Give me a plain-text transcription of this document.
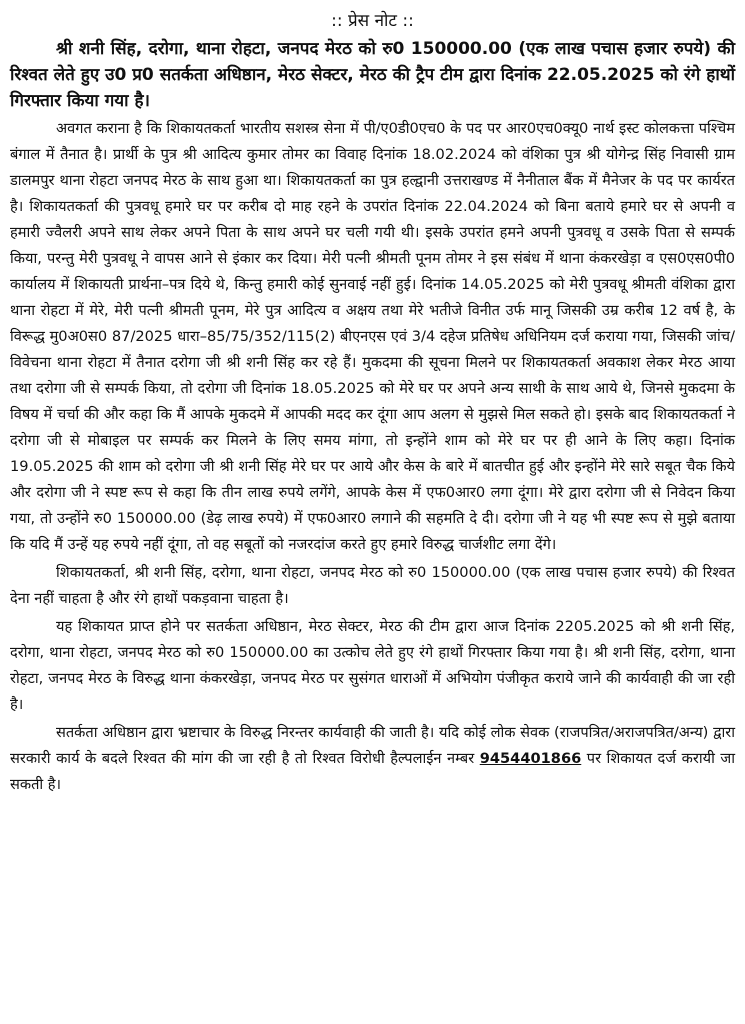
:: प्रेस नोट ::

श्री शनी सिंह, दरोगा, थाना रोहटा, जनपद मेरठ को रु0 150000.00 (एक लाख पचास हजार रुपये) की रिश्वत लेते हुए उ0 प्र0 सतर्कता अधिष्ठान, मेरठ सेक्टर, मेरठ की ट्रैप टीम द्वारा दिनांक 22.05.2025 को रंगे हाथों गिरफ्तार किया गया है।

अवगत कराना है कि शिकायतकर्ता भारतीय सशस्त्र सेना में पी/ए0डी0एच0 के पद पर आर0एच0क्यू0 नार्थ इस्ट कोलकत्ता पश्चिम बंगाल में तैनात है। प्रार्थी के पुत्र श्री आदित्य कुमार तोमर का विवाह दिनांक 18.02.2024 को वंशिका पुत्र श्री योगेन्द्र सिंह निवासी ग्राम डालमपुर थाना रोहटा जनपद मेरठ के साथ हुआ था। शिकायतकर्ता का पुत्र हल्द्वानी उत्तराखण्ड में नैनीताल बैंक में मैनेजर के पद पर कार्यरत है। शिकायतकर्ता की पुत्रवधू हमारे घर पर करीब दो माह रहने के उपरांत दिनांक 22.04.2024 को बिना बताये हमारे घर से अपनी व हमारी ज्वैलरी अपने साथ लेकर अपने पिता के साथ अपने घर चली गयी थी। इसके उपरांत हमने अपनी पुत्रवधू व उसके पिता से सम्पर्क किया, परन्तु मेरी पुत्रवधू ने वापस आने से इंकार कर दिया। मेरी पत्नी श्रीमती पूनम तोमर ने इस संबंध में थाना कंकरखेड़ा व एस0एस0पी0 कार्यालय में शिकायती प्रार्थना–पत्र दिये थे, किन्तु हमारी कोई सुनवाई नहीं हुई। दिनांक 14.05.2025 को मेरी पुत्रवधू श्रीमती वंशिका द्वारा थाना रोहटा में मेरे, मेरी पत्नी श्रीमती पूनम, मेरे पुत्र आदित्य व अक्षय तथा मेरे भतीजे विनीत उर्फ मानू जिसकी उम्र करीब 12 वर्ष है, के विरूद्ध मु0अ0स0 87/2025 धारा–85/75/352/115(2) बीएनएस एवं 3/4 दहेज प्रतिषेध अधिनियम दर्ज कराया गया, जिसकी जांच/विवेचना थाना रोहटा में तैनात दरोगा जी श्री शनी सिंह कर रहे हैं। मुकदमा की सूचना मिलने पर शिकायतकर्ता अवकाश लेकर मेरठ आया तथा दरोगा जी से सम्पर्क किया, तो दरोगा जी दिनांक 18.05.2025 को मेरे घर पर अपने अन्य साथी के साथ आये थे, जिनसे मुकदमा के विषय में चर्चा की और कहा कि मैं आपके मुकदमे में आपकी मदद कर दूंगा आप अलग से मुझसे मिल सकते हो। इसके बाद शिकायतकर्ता ने दरोगा जी से मोबाइल पर सम्पर्क कर मिलने के लिए समय मांगा, तो इन्होंने शाम को मेरे घर पर ही आने के लिए कहा। दिनांक 19.05.2025 की शाम को दरोगा जी श्री शनी सिंह मेरे घर पर आये और केस के बारे में बातचीत हुई और इन्होंने मेरे सारे सबूत चैक किये और दरोगा जी ने स्पष्ट रूप से कहा कि तीन लाख रुपये लगेंगे, आपके केस में एफ0आर0 लगा दूंगा। मेरे द्वारा दरोगा जी से निवेदन किया गया, तो उन्होंने रु0 150000.00 (डेढ़ लाख रुपये) में एफ0आर0 लगाने की सहमति दे दी। दरोगा जी ने यह भी स्पष्ट रूप से मुझे बताया कि यदि मैं उन्हें यह रुपये नहीं दूंगा, तो वह सबूतों को नजरदांज करते हुए हमारे विरुद्ध चार्जशीट लगा देंगे।

शिकायतकर्ता, श्री शनी सिंह, दरोगा, थाना रोहटा, जनपद मेरठ को रु0 150000.00 (एक लाख पचास हजार रुपये) की रिश्वत देना नहीं चाहता है और रंगे हाथों पकड़वाना चाहता है।

यह शिकायत प्राप्त होने पर सतर्कता अधिष्ठान, मेरठ सेक्टर, मेरठ की टीम द्वारा आज दिनांक 2205.2025 को श्री शनी सिंह, दरोगा, थाना रोहटा, जनपद मेरठ को रु0 150000.00 का उत्कोच लेते हुए रंगे हाथों गिरफ्तार किया गया है। श्री शनी सिंह, दरोगा, थाना रोहटा, जनपद मेरठ के विरुद्ध थाना कंकरखेड़ा, जनपद मेरठ पर सुसंगत धाराओं में अभियोग पंजीकृत कराये जाने की कार्यवाही की जा रही है।

सतर्कता अधिष्ठान द्वारा भ्रष्टाचार के विरुद्ध निरन्तर कार्यवाही की जाती है। यदि कोई लोक सेवक (राजपत्रित/अराजपत्रित/अन्य) द्वारा सरकारी कार्य के बदले रिश्वत की मांग की जा रही है तो रिश्वत विरोधी हैल्पलाईन नम्बर 9454401866 पर शिकायत दर्ज करायी जा सकती है।
